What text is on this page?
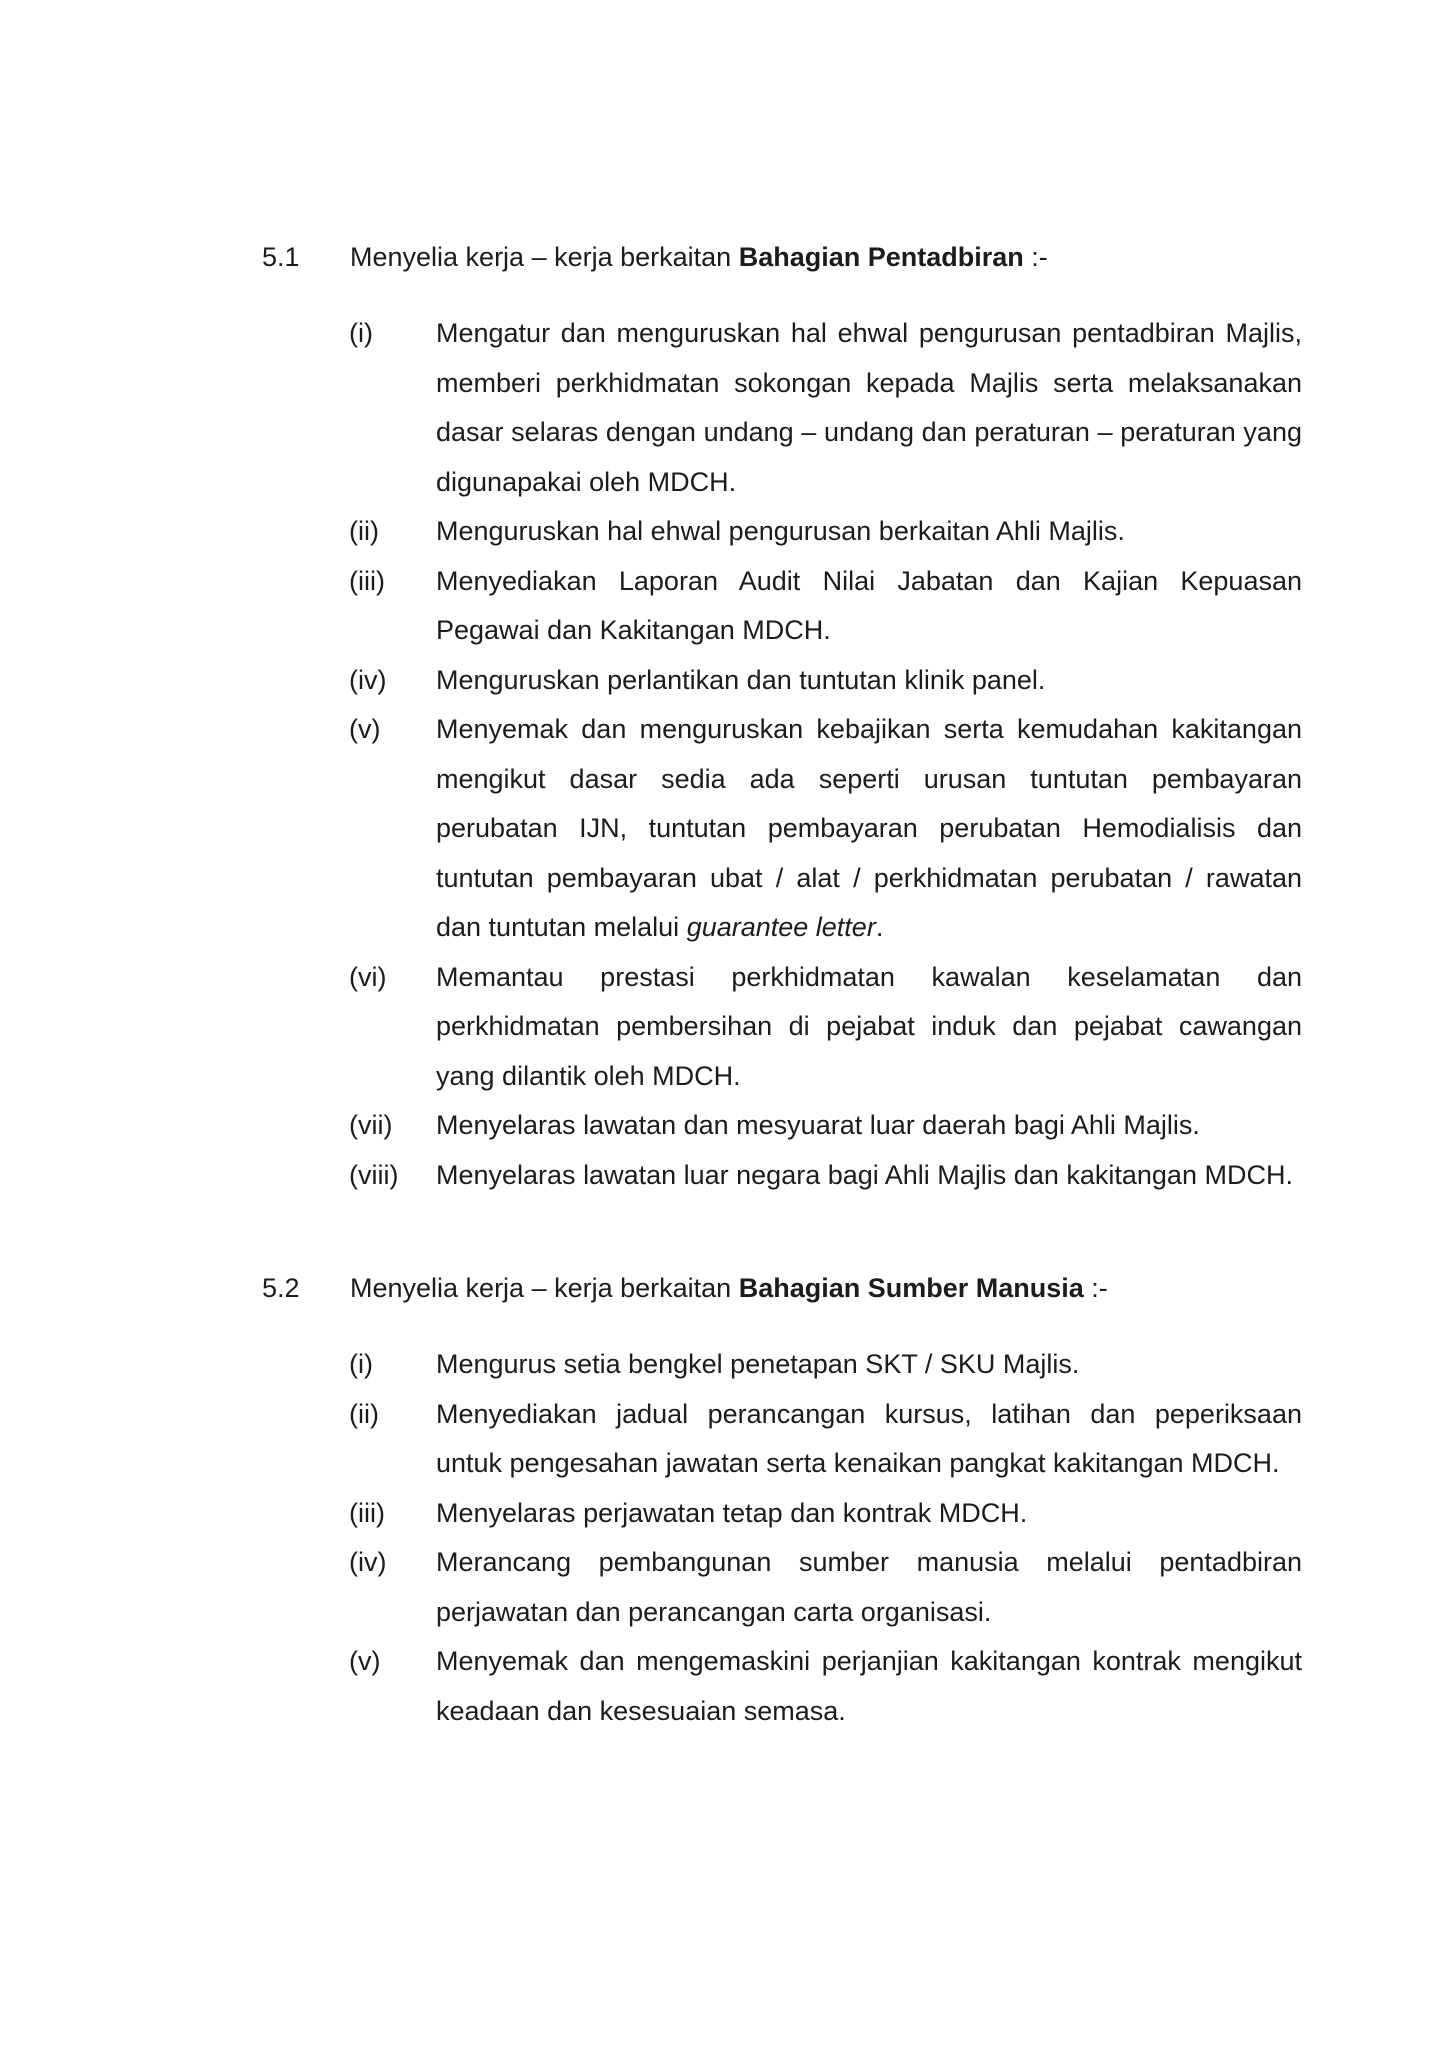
5.1 Menyelia kerja – kerja berkaitan Bahagian Pentadbiran :-
(i) Mengatur dan menguruskan hal ehwal pengurusan pentadbiran Majlis, memberi perkhidmatan sokongan kepada Majlis serta melaksanakan dasar selaras dengan undang – undang dan peraturan – peraturan yang digunapakai oleh MDCH.
(ii) Menguruskan hal ehwal pengurusan berkaitan Ahli Majlis.
(iii) Menyediakan Laporan Audit Nilai Jabatan dan Kajian Kepuasan Pegawai dan Kakitangan MDCH.
(iv) Menguruskan perlantikan dan tuntutan klinik panel.
(v) Menyemak dan menguruskan kebajikan serta kemudahan kakitangan mengikut dasar sedia ada seperti urusan tuntutan pembayaran perubatan IJN, tuntutan pembayaran perubatan Hemodialisis dan tuntutan pembayaran ubat / alat / perkhidmatan perubatan / rawatan dan tuntutan melalui guarantee letter.
(vi) Memantau prestasi perkhidmatan kawalan keselamatan dan perkhidmatan pembersihan di pejabat induk dan pejabat cawangan yang dilantik oleh MDCH.
(vii) Menyelaras lawatan dan mesyuarat luar daerah bagi Ahli Majlis.
(viii) Menyelaras lawatan luar negara bagi Ahli Majlis dan kakitangan MDCH.
5.2 Menyelia kerja – kerja berkaitan Bahagian Sumber Manusia :-
(i) Mengurus setia bengkel penetapan SKT / SKU Majlis.
(ii) Menyediakan jadual perancangan kursus, latihan dan peperiksaan untuk pengesahan jawatan serta kenaikan pangkat kakitangan MDCH.
(iii) Menyelaras perjawatan tetap dan kontrak MDCH.
(iv) Merancang pembangunan sumber manusia melalui pentadbiran perjawatan dan perancangan carta organisasi.
(v) Menyemak dan mengemaskini perjanjian kakitangan kontrak mengikut keadaan dan kesesuaian semasa.
